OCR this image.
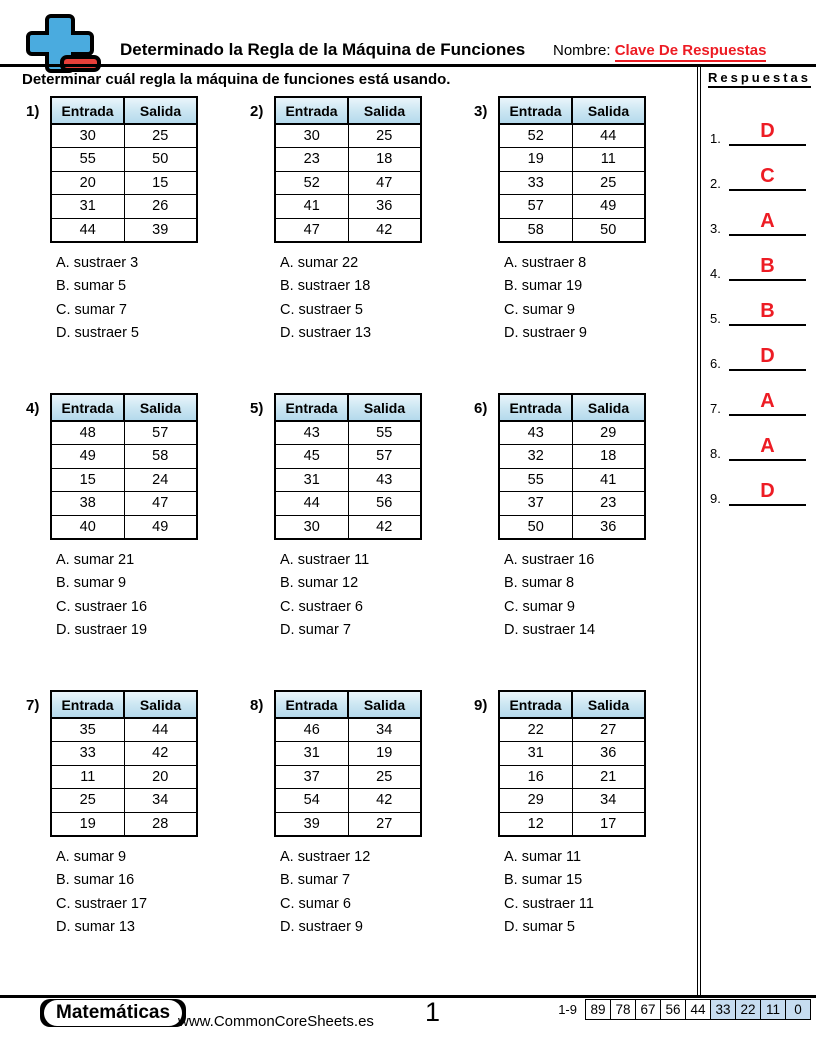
Determinado la Regla de la Máquina de Funciones Nombre: Clave De Respuestas
Determinar cuál regla la máquina de funciones está usando.
1) Entrada	Salida
30	25
55	50
20	15
31	26
44	39
A. sustraer 3
B. sumar 5
C. sumar 7
D. sustraer 5
2) Entrada	Salida
30	25
23	18
52	47
41	36
47	42
A. sumar 22
B. sustraer 18
C. sustraer 5
D. sustraer 13
3) Entrada	Salida
52	44
19	11
33	25
57	49
58	50
A. sustraer 8
B. sumar 19
C. sumar 9
D. sustraer 9
4) Entrada	Salida
48	57
49	58
15	24
38	47
40	49
A. sumar 21
B. sumar 9
C. sustraer 16
D. sustraer 19
5) Entrada	Salida
43	55
45	57
31	43
44	56
30	42
A. sustraer 11
B. sumar 12
C. sustraer 6
D. sumar 7
6) Entrada	Salida
43	29
32	18
55	41
37	23
50	36
A. sustraer 16
B. sumar 8
C. sumar 9
D. sustraer 14
7) Entrada	Salida
35	44
33	42
11	20
25	34
19	28
A. sumar 9
B. sumar 16
C. sustraer 17
D. sumar 13
8) Entrada	Salida
46	34
31	19
37	25
54	42
39	27
A. sustraer 12
B. sumar 7
C. sumar 6
D. sustraer 9
9) Entrada	Salida
22	27
31	36
16	21
29	34
12	17
A. sumar 11
B. sumar 15
C. sustraer 11
D. sumar 5
Respuestas
1.	D
2.	C
3.	A
4.	B
5.	B
6.	D
7.	A
8.	A
9.	D
Matemáticas www.CommonCoreSheets.es 1	1-9 89 78 67 56 44 33 22 11	0
